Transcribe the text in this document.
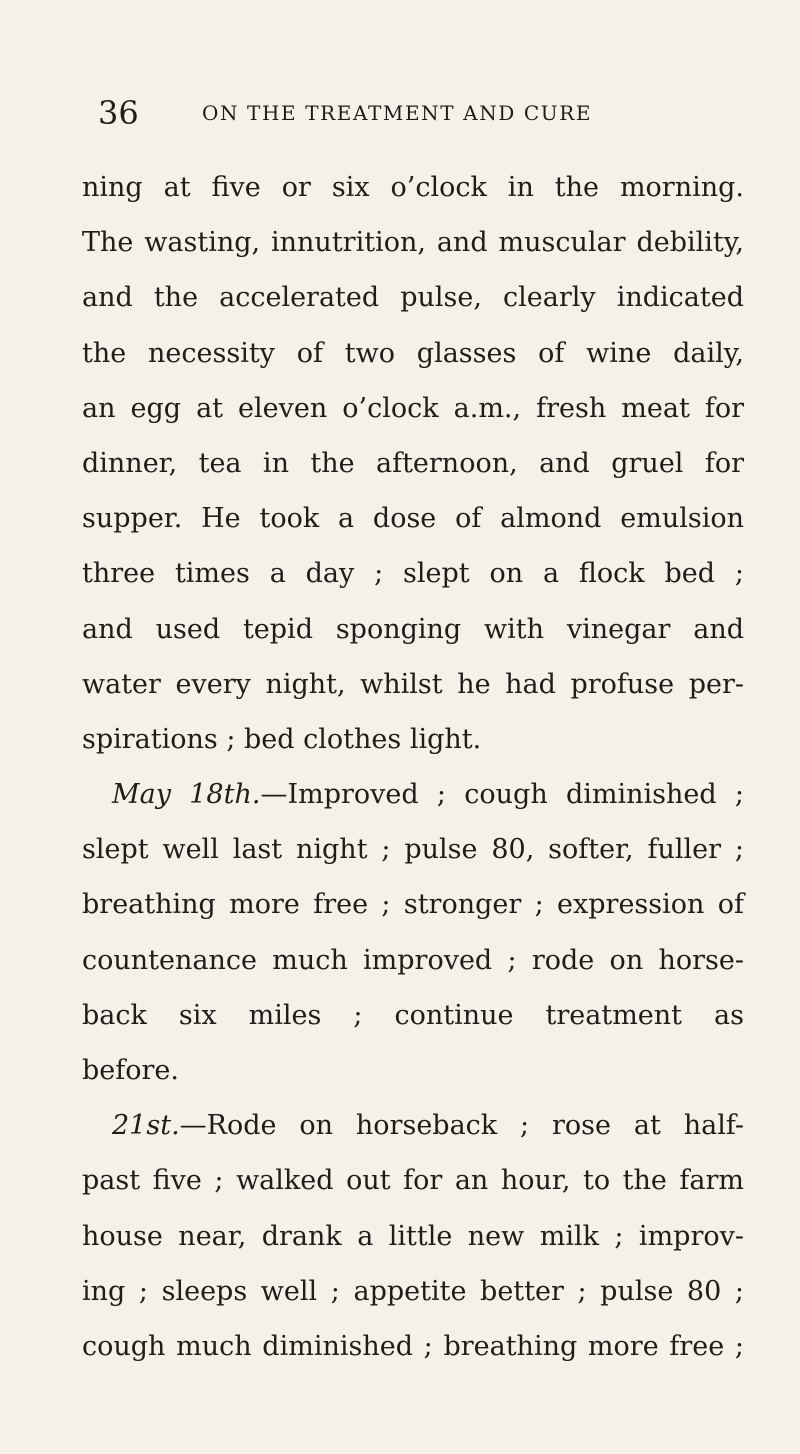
36	ON THE TREATMENT AND CURE
ning at five or six o’clock in the morning.
The wasting, innutrition, and muscular debility,
and the accelerated pulse, clearly indicated
the necessity of two glasses of wine daily,
an egg at eleven o’clock a.m., fresh meat for
dinner, tea in the afternoon, and gruel for
supper. He took a dose of almond emulsion
three times a day ; slept on a flock bed ;
and used tepid sponging with vinegar and
water every night, whilst he had profuse per-
spirations ; bed clothes light.
May 18th.—Improved ; cough diminished ;
slept well last night ; pulse 80, softer, fuller ;
breathing more free ; stronger ; expression of
countenance much improved ; rode on horse-
back six miles ; continue treatment as
before.
21st.—Rode on horseback ; rose at half-
past five ; walked out for an hour, to the farm
house near, drank a little new milk ; improv-
ing ; sleeps well ; appetite better ; pulse 80 ;
cough much diminished ; breathing more free ;
